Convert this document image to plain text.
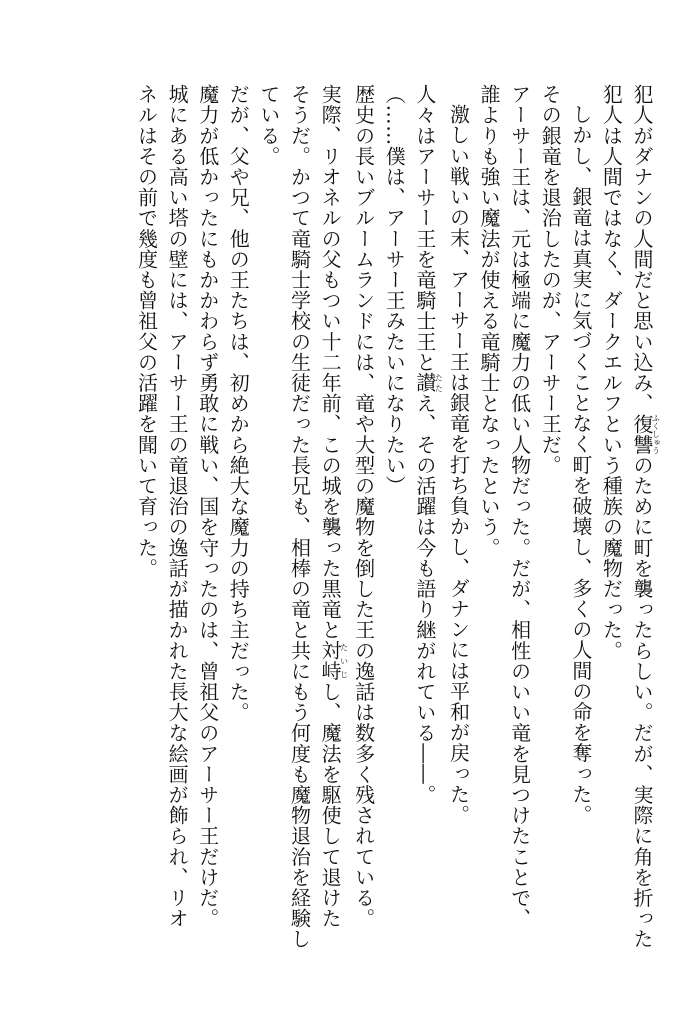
犯人がダナンの人間だと思い込み、復讐ふくしゅうのために町を襲ったらしい。だが、実際に角を折った
犯人は人間ではなく、ダークエルフという種族の魔物だった。
しかし、銀竜は真実に気づくことなく町を破壊し、多くの人間の命を奪った。
その銀竜を退治したのが、アーサー王だ。
アーサー王は、元は極端に魔力の低い人物だった。だが、相性のいい竜を見つけたことで、
誰よりも強い魔法が使える竜騎士となったという。
激しい戦いの末、アーサー王は銀竜を打ち負かし、ダナンには平和が戻った。
人々はアーサー王を竜騎士王と讃たたえ、その活躍は今も語り継がれている――。
（……僕は、アーサー王みたいになりたい）
歴史の長いブルームランドには、竜や大型の魔物を倒した王の逸話は数多く残されている。
実際、リオネルの父もつい十二年前、この城を襲った黒竜と対峙たいじし、魔法を駆使して退けた
そうだ。かつて竜騎士学校の生徒だった長兄も、相棒の竜と共にもう何度も魔物退治を経験し
ている。
だが、父や兄、他の王たちは、初めから絶大な魔力の持ち主だった。
魔力が低かったにもかかわらず勇敢に戦い、国を守ったのは、曾祖父のアーサー王だけだ。
城にある高い塔の壁には、アーサー王の竜退治の逸話が描かれた長大な絵画が飾られ、リオ
ネルはその前で幾度も曾祖父の活躍を聞いて育った。
